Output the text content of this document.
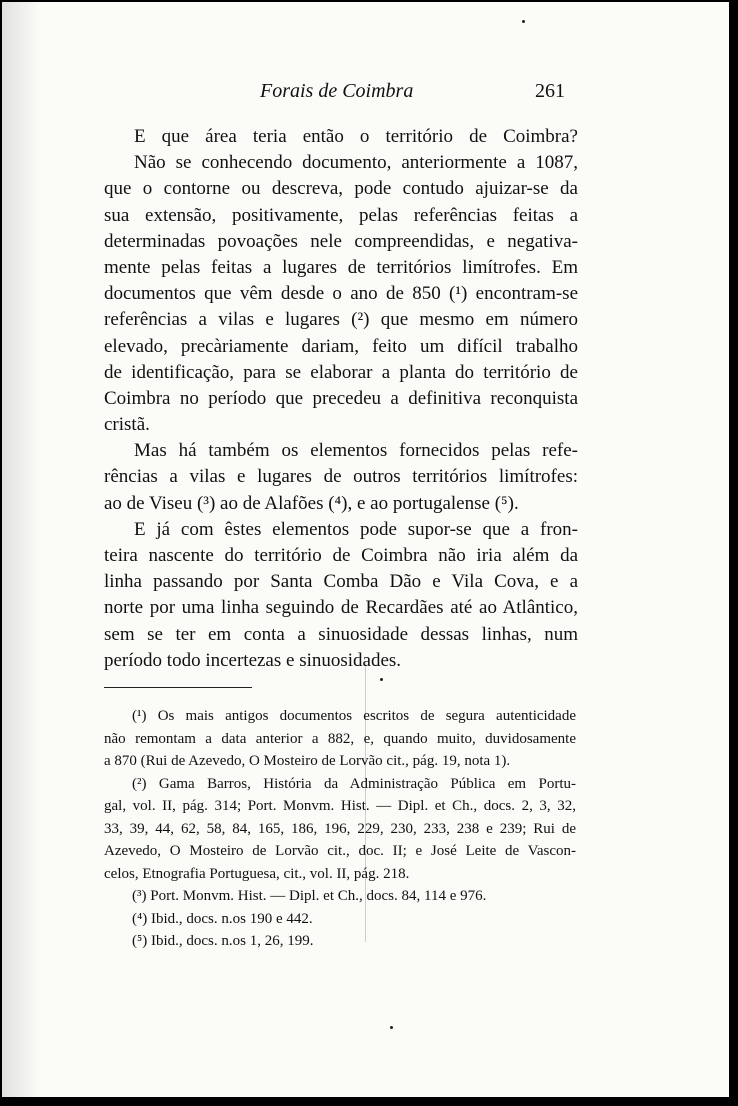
Forais de Coimbra	261
E que área teria então o território de Coimbra?
Não se conhecendo documento, anteriormente a 1087,
que o contorne ou descreva, pode contudo ajuizar-se da
sua extensão, positivamente, pelas referências feitas a
determinadas povoações nele compreendidas, e negativa-
mente pelas feitas a lugares de territórios limítrofes. Em
documentos que vêm desde o ano de 850 (¹) encontram-se
referências a vilas e lugares (²) que mesmo em número
elevado, precàriamente dariam, feito um difícil trabalho
de identificação, para se elaborar a planta do território de
Coimbra no período que precedeu a definitiva reconquista
cristã.
Mas há também os elementos fornecidos pelas refe-
rências a vilas e lugares de outros territórios limítrofes:
ao de Viseu (³) ao de Alafões (⁴), e ao portugalense (⁵).
E já com êstes elementos pode supor-se que a fron-
teira nascente do território de Coimbra não iria além da
linha passando por Santa Comba Dão e Vila Cova, e a
norte por uma linha seguindo de Recardães até ao Atlântico,
sem se ter em conta a sinuosidade dessas linhas, num
período todo incertezas e sinuosidades.
(¹) Os mais antigos documentos escritos de segura autenticidade
não remontam a data anterior a 882, e, quando muito, duvidosamente
a 870 (Rui de Azevedo, O Mosteiro de Lorvão cit., pág. 19, nota 1).
(²) Gama Barros, História da Administração Pública em Portu-
gal, vol. II, pág. 314; Port. Monvm. Hist. — Dipl. et Ch., docs. 2, 3, 32,
33, 39, 44, 62, 58, 84, 165, 186, 196, 229, 230, 233, 238 e 239; Rui de
Azevedo, O Mosteiro de Lorvão cit., doc. II; e José Leite de Vascon-
celos, Etnografia Portuguesa, cit., vol. II, pág. 218.
(³) Port. Monvm. Hist. — Dipl. et Ch., docs. 84, 114 e 976.
(⁴) Ibid., docs. n.os 190 e 442.
(⁵) Ibid., docs. n.os 1, 26, 199.
